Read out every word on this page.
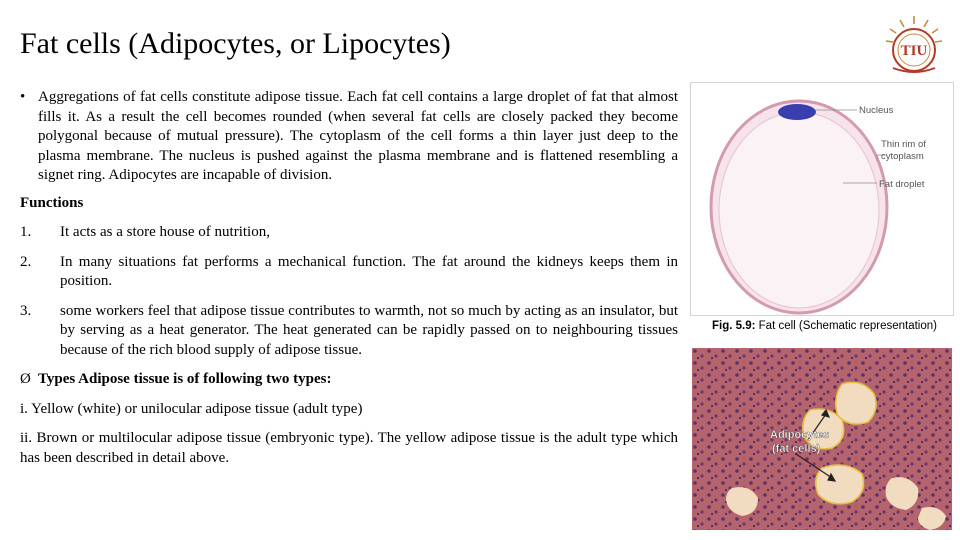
Fat cells (Adipocytes, or Lipocytes)	TIU

• Aggregations of fat cells constitute adipose tissue. Each fat cell contains a large droplet of fat that almost fills it. As a result the cell becomes rounded (when several fat cells are closely packed they become polygonal because of mutual pressure). The cytoplasm of the cell forms a thin layer just deep to the plasma membrane. The nucleus is pushed against the plasma membrane and is flattened resembling a signet ring. Adipocytes are incapable of division.

Functions

1.	It acts as a store house of nutrition,
2.	In many situations fat performs a mechanical function. The fat around the kidneys keeps them in position.
3.	some workers feel that adipose tissue contributes to warmth, not so much by acting as an insulator, but by serving as a heat generator. The heat generated can be rapidly passed on to neighbouring tissues because of the rich blood supply of adipose tissue.

Ø Types Adipose tissue is of following two types:

i. Yellow (white) or unilocular adipose tissue (adult type)

ii. Brown or multilocular adipose tissue (embryonic type). The yellow adipose tissue is the adult type which has been described in detail above.

Nucleus
Thin rim of
cytoplasm
Fat droplet
Fig. 5.9: Fat cell (Schematic representation)
Adipocytes
(fat cells)
